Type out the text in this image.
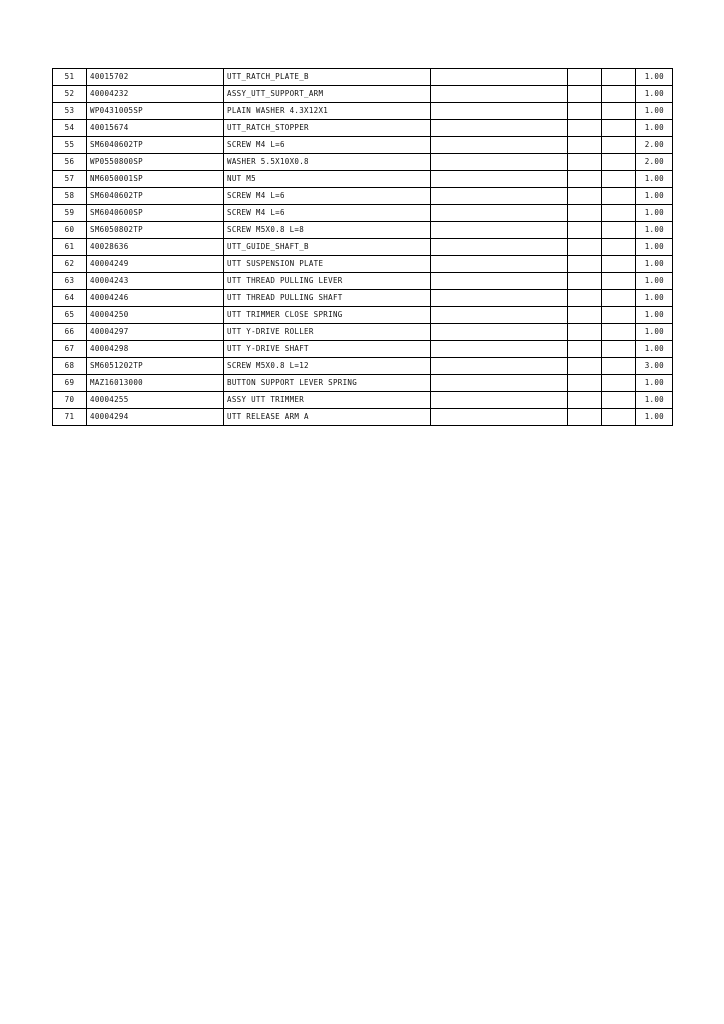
51	40015702	UTT_RATCH_PLATE_B				1.00
52	40004232	ASSY_UTT_SUPPORT_ARM				1.00
53	WP0431005SP	PLAIN WASHER 4.3X12X1				1.00
54	40015674	UTT_RATCH_STOPPER				1.00
55	SM6040602TP	SCREW M4 L=6				2.00
56	WP0550800SP	WASHER 5.5X10X0.8				2.00
57	NM6050001SP	NUT M5				1.00
58	SM6040602TP	SCREW M4 L=6				1.00
59	SM6040600SP	SCREW M4 L=6				1.00
60	SM6050802TP	SCREW M5X0.8 L=8				1.00
61	40028636	UTT_GUIDE_SHAFT_B				1.00
62	40004249	UTT SUSPENSION PLATE				1.00
63	40004243	UTT THREAD PULLING LEVER				1.00
64	40004246	UTT THREAD PULLING SHAFT				1.00
65	40004250	UTT TRIMMER CLOSE SPRING				1.00
66	40004297	UTT Y-DRIVE ROLLER				1.00
67	40004298	UTT Y-DRIVE SHAFT				1.00
68	SM6051202TP	SCREW M5X0.8 L=12				3.00
69	MAZ16013000	BUTTON SUPPORT LEVER SPRING				1.00
70	40004255	ASSY UTT TRIMMER				1.00
71	40004294	UTT RELEASE ARM A				1.00
